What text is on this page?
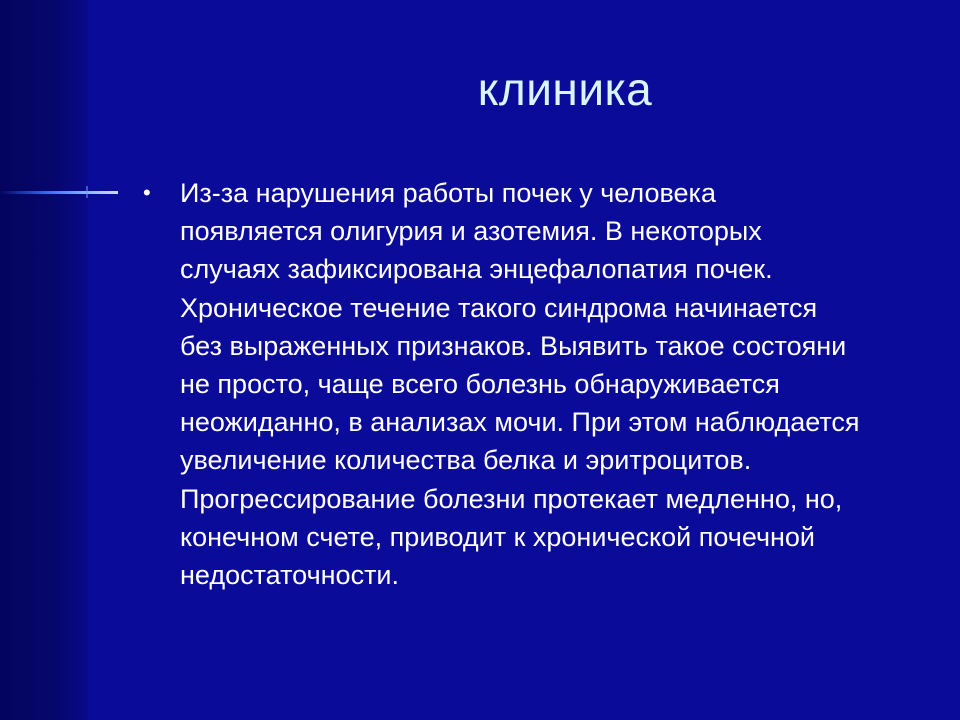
клиника
• Из-за нарушения работы почек у человека
появляется олигурия и азотемия. В некоторых
случаях зафиксирована энцефалопатия почек.
Хроническое течение такого синдрома начинается
без выраженных признаков. Выявить такое состояни
не просто, чаще всего болезнь обнаруживается
неожиданно, в анализах мочи. При этом наблюдается
увеличение количества белка и эритроцитов.
Прогрессирование болезни протекает медленно, но,
конечном счете, приводит к хронической почечной
недостаточности.
